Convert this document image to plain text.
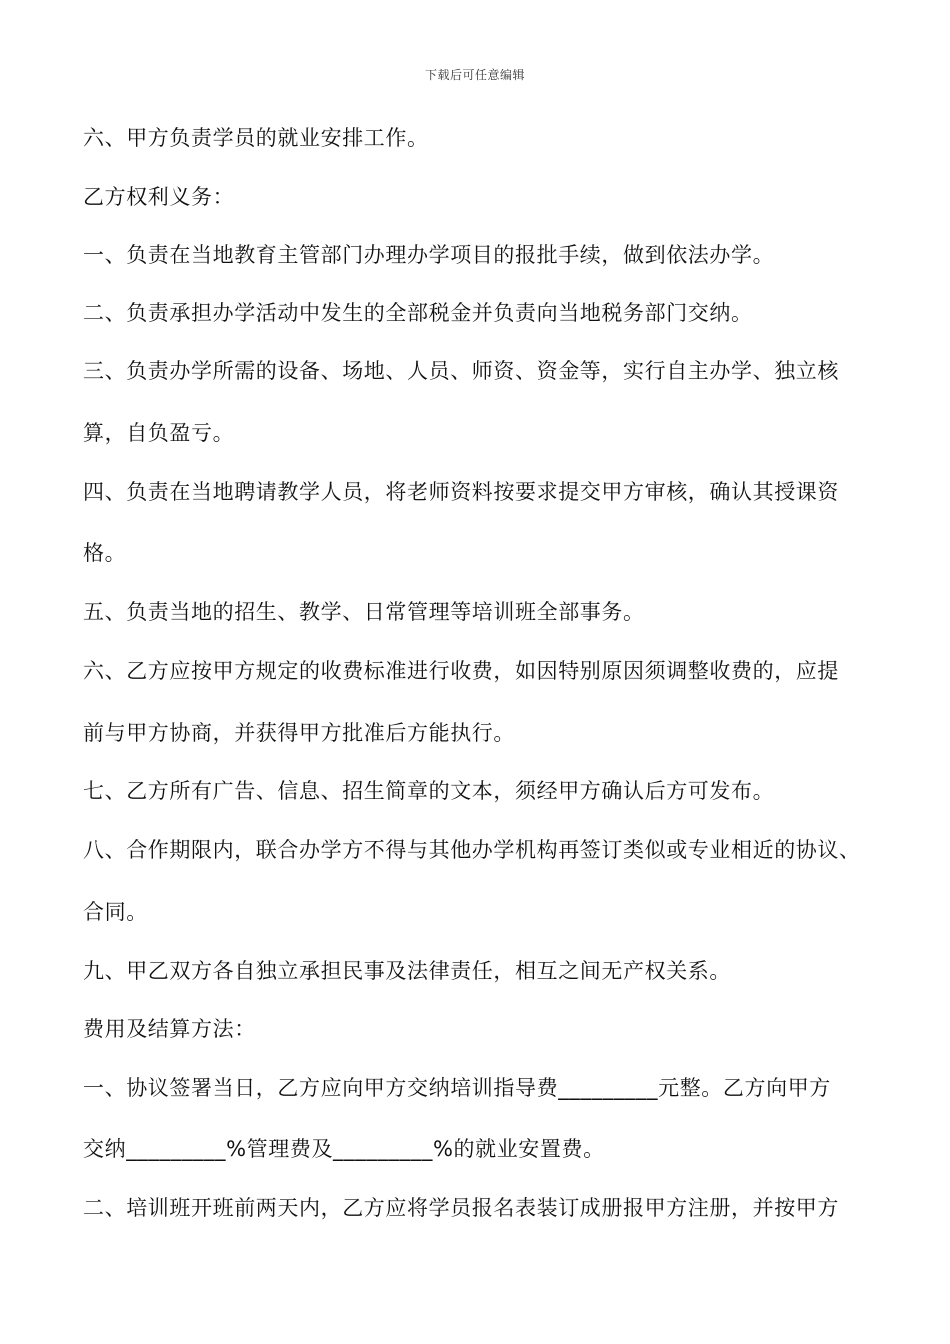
下载后可任意编辑
六、甲方负责学员的就业安排工作。
乙方权利义务：
一、负责在当地教育主管部门办理办学项目的报批手续，做到依法办学。
二、负责承担办学活动中发生的全部税金并负责向当地税务部门交纳。
三、负责办学所需的设备、场地、人员、师资、资金等，实行自主办学、独立核
算，自负盈亏。
四、负责在当地聘请教学人员，将老师资料按要求提交甲方审核，确认其授课资
格。
五、负责当地的招生、教学、日常管理等培训班全部事务。
六、乙方应按甲方规定的收费标准进行收费，如因特别原因须调整收费的，应提
前与甲方协商，并获得甲方批准后方能执行。
七、乙方所有广告、信息、招生简章的文本，须经甲方确认后方可发布。
八、合作期限内，联合办学方不得与其他办学机构再签订类似或专业相近的协议、
合同。
九、甲乙双方各自独立承担民事及法律责任，相互之间无产权关系。
费用及结算方法：
一、协议签署当日，乙方应向甲方交纳培训指导费_________元整。乙方向甲方
交纳_________%管理费及_________%的就业安置费。
二、培训班开班前两天内，乙方应将学员报名表装订成册报甲方注册，并按甲方
